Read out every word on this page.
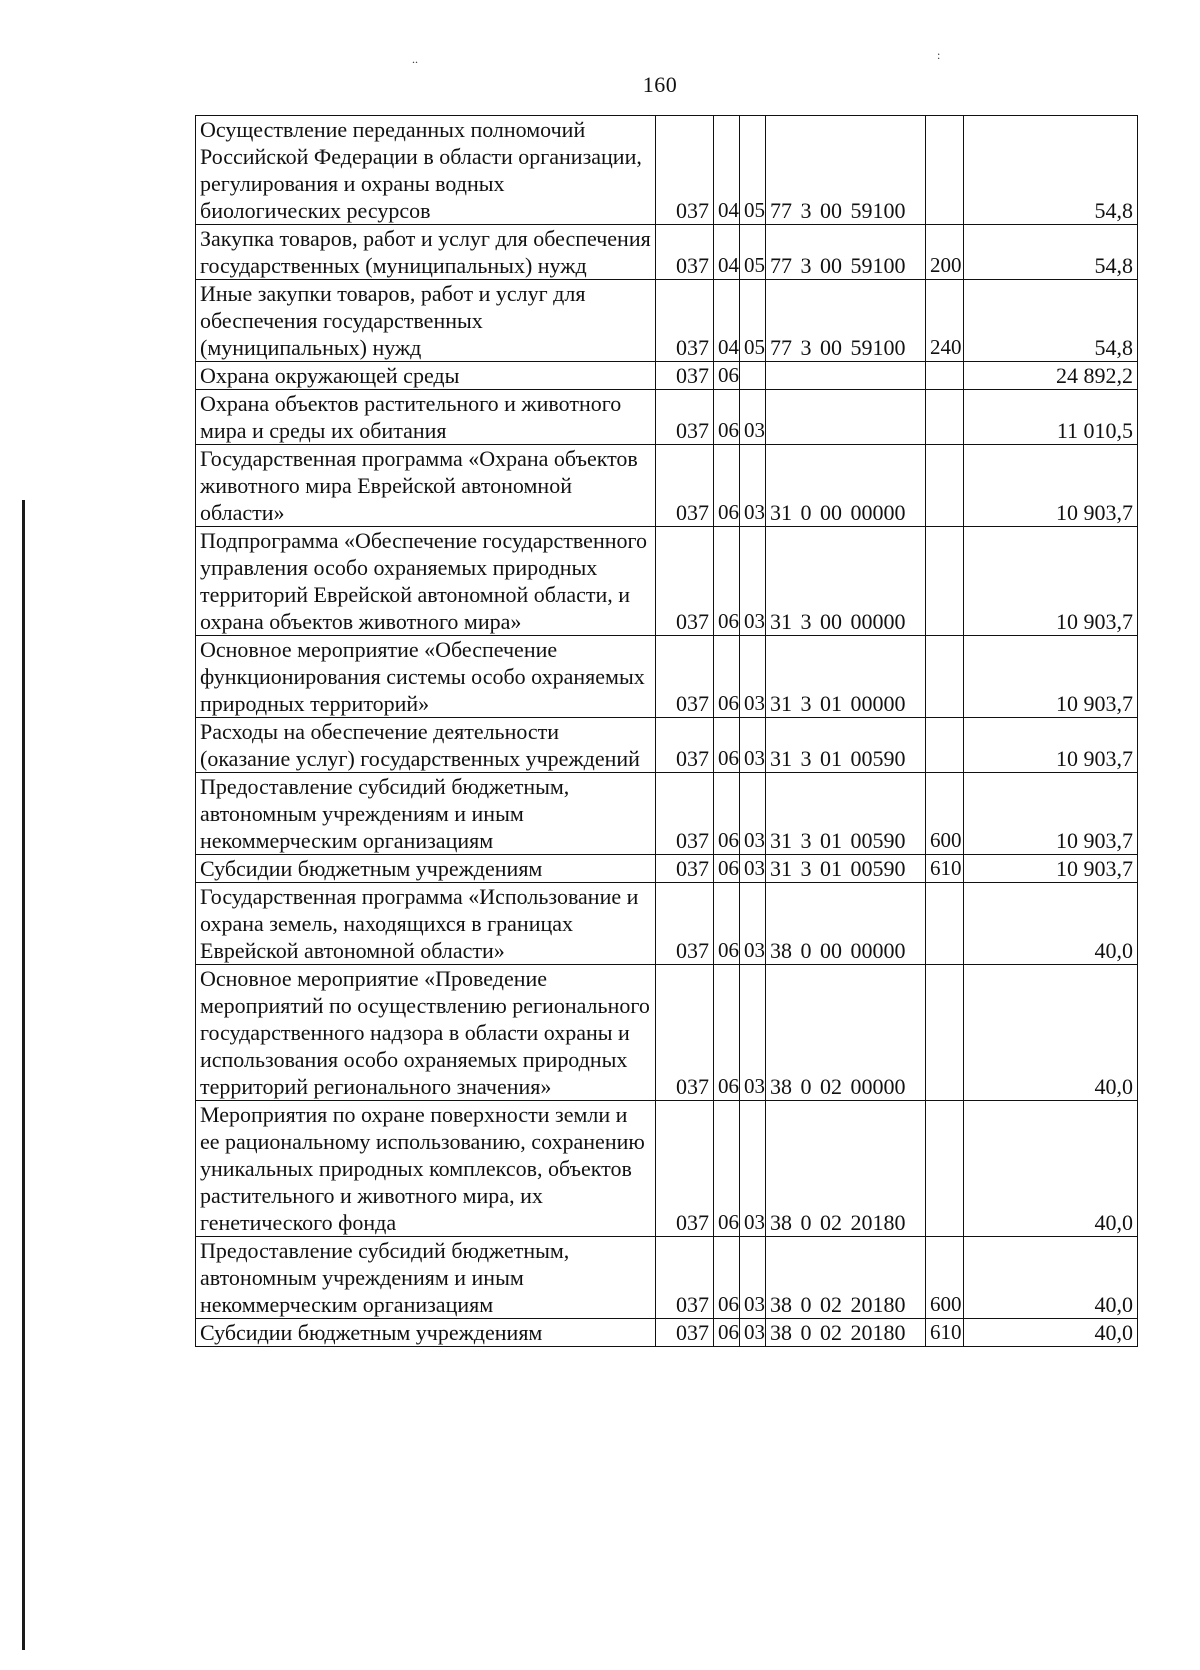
160
..	:
Осуществление переданных полномочий Российской Федерации в области организации, регулирования и охраны водных биологических ресурсов	037	04	05	77 3 00 59100		54,8
Закупка товаров, работ и услуг для обеспечения государственных (муниципальных) нужд	037	04	05	77 3 00 59100	200	54,8
Иные закупки товаров, работ и услуг для обеспечения государственных (муниципальных) нужд	037	04	05	77 3 00 59100	240	54,8
Охрана окружающей среды	037	06				24 892,2
Охрана объектов растительного и животного мира и среды их обитания	037	06	03			11 010,5
Государственная программа «Охрана объектов животного мира Еврейской автономной области»	037	06	03	31 0 00 00000		10 903,7
Подпрограмма «Обеспечение государственного управления особо охраняемых природных территорий Еврейской автономной области, и охрана объектов животного мира»	037	06	03	31 3 00 00000		10 903,7
Основное мероприятие «Обеспечение функционирования системы особо охраняемых природных территорий»	037	06	03	31 3 01 00000		10 903,7
Расходы на обеспечение деятельности (оказание услуг) государственных учреждений	037	06	03	31 3 01 00590		10 903,7
Предоставление субсидий бюджетным, автономным учреждениям и иным некоммерческим организациям	037	06	03	31 3 01 00590	600	10 903,7
Субсидии бюджетным учреждениям	037	06	03	31 3 01 00590	610	10 903,7
Государственная программа «Использование и охрана земель, находящихся в границах Еврейской автономной области»	037	06	03	38 0 00 00000		40,0
Основное мероприятие «Проведение мероприятий по осуществлению регионального государственного надзора в области охраны и использования особо охраняемых природных территорий регионального значения»	037	06	03	38 0 02 00000		40,0
Мероприятия по охране поверхности земли и ее рациональному использованию, сохранению уникальных природных комплексов, объектов растительного и животного мира, их генетического фонда	037	06	03	38 0 02 20180		40,0
Предоставление субсидий бюджетным, автономным учреждениям и иным некоммерческим организациям	037	06	03	38 0 02 20180	600	40,0
Субсидии бюджетным учреждениям	037	06	03	38 0 02 20180	610	40,0
